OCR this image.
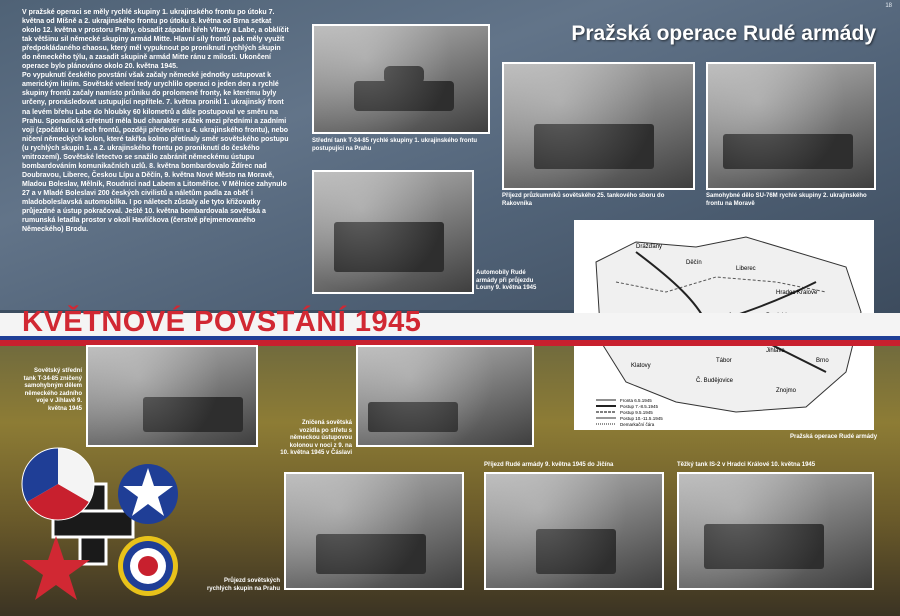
18

V pražské operaci se měly rychlé skupiny 1. ukrajinského frontu po útoku 7. května od Míšně a 2. ukrajinského frontu po útoku 8. května od Brna setkat okolo 12. května v prostoru Prahy, obsadit západní břeh Vltavy a Labe, a obklíčit tak většinu sil německé skupiny armád Mitte. Hlavní síly frontů pak měly využít předpokládaného chaosu, který měl vypuknout po proniknutí rychlých skupin do německého týlu, a zasadit skupině armád Mitte ránu z milosti. Ukončení operace bylo plánováno okolo 20. května 1945.

Po vypuknutí českého povstání však začaly německé jednotky ustupovat k americkým liniím. Sovětské velení tedy urychlilo operaci o jeden den a rychlé skupiny frontů začaly namísto průniku do prolomené fronty, ke kterému byly určeny, pronásledovat ustupující nepřítele. 7. května pronikl 1. ukrajinský front na levém břehu Labe do hloubky 60 kilometrů a dále postupoval ve směru na Prahu. Sporadická střetnutí měla bud charakter srážek mezi předními a zadními voji (zpočátku u všech frontů, později především u 4. ukrajinského frontu), nebo ničení německých kolon, které takřka kolmo přetínaly směr sovětského postupu (u rychlých skupin 1. a 2. ukrajinského frontu po proniknutí do českého vnitrozemí). Sovětské letectvo se snažilo zabránit německému ústupu bombardováním komunikačních uzlů. 8. května bombardovalo Ždírec nad Doubravou, Liberec, Českou Lípu a Děčín, 9. května Nové Město na Moravě, Mladou Boleslav, Mělník, Roudnici nad Labem a Litoměřice. V Mělnice zahynulo 27 a v Mladé Boleslavi 200 českých civilistů a náletům padla za oběť i mladoboleslavská automobilka. I po náletech zůstaly ale tyto křižovatky průjezdné a ústup pokračoval. Ještě 10. května bombardovala sovětská a rumunská letadla prostor v okolí Havlíčkova (čerstvě přejmenovaného Německého) Brodu.

Pražská operace Rudé armády
Střední tank T-34-85 rychlé skupiny 1. ukrajinského frontu postupující na Prahu
Příjezd průzkumníků sovětského 25. tankového sboru do Rakovníka
Samohybné dělo SU-76M rychlé skupiny 2. ukrajinského frontu na Moravě
Automobily Rudé armády při průjezdu Louny 9. května 1945
Drážďany
Děčín
Liberec
Brno
Jihlava
Č. Budějovice
Hradec Králové
Tábor
Klatovy
Znojmo
Fronta 6.5.1945
Postup 7.-8.5.1945
Postup 9.5.1945
Postup 10.-11.5.1945
Demarkační čára
Pražská operace Rudé armády
KVĚTNOVÉ POVSTÁNÍ 1945
Sovětský střední tank T-34-85 zničený samohybným dělem německého zadního voje v Jihlavě 9. května 1945
Zničená sovětská vozidla po střetu s německou ústupovou kolonou v noci z 9. na 10. května 1945 v Čáslavi
Průjezd sovětských rychlých skupin na Prahu
Příjezd Rudé armády 9. května 1945 do Jičína	Těžký tank IS-2 v Hradci Králové 10. května 1945
